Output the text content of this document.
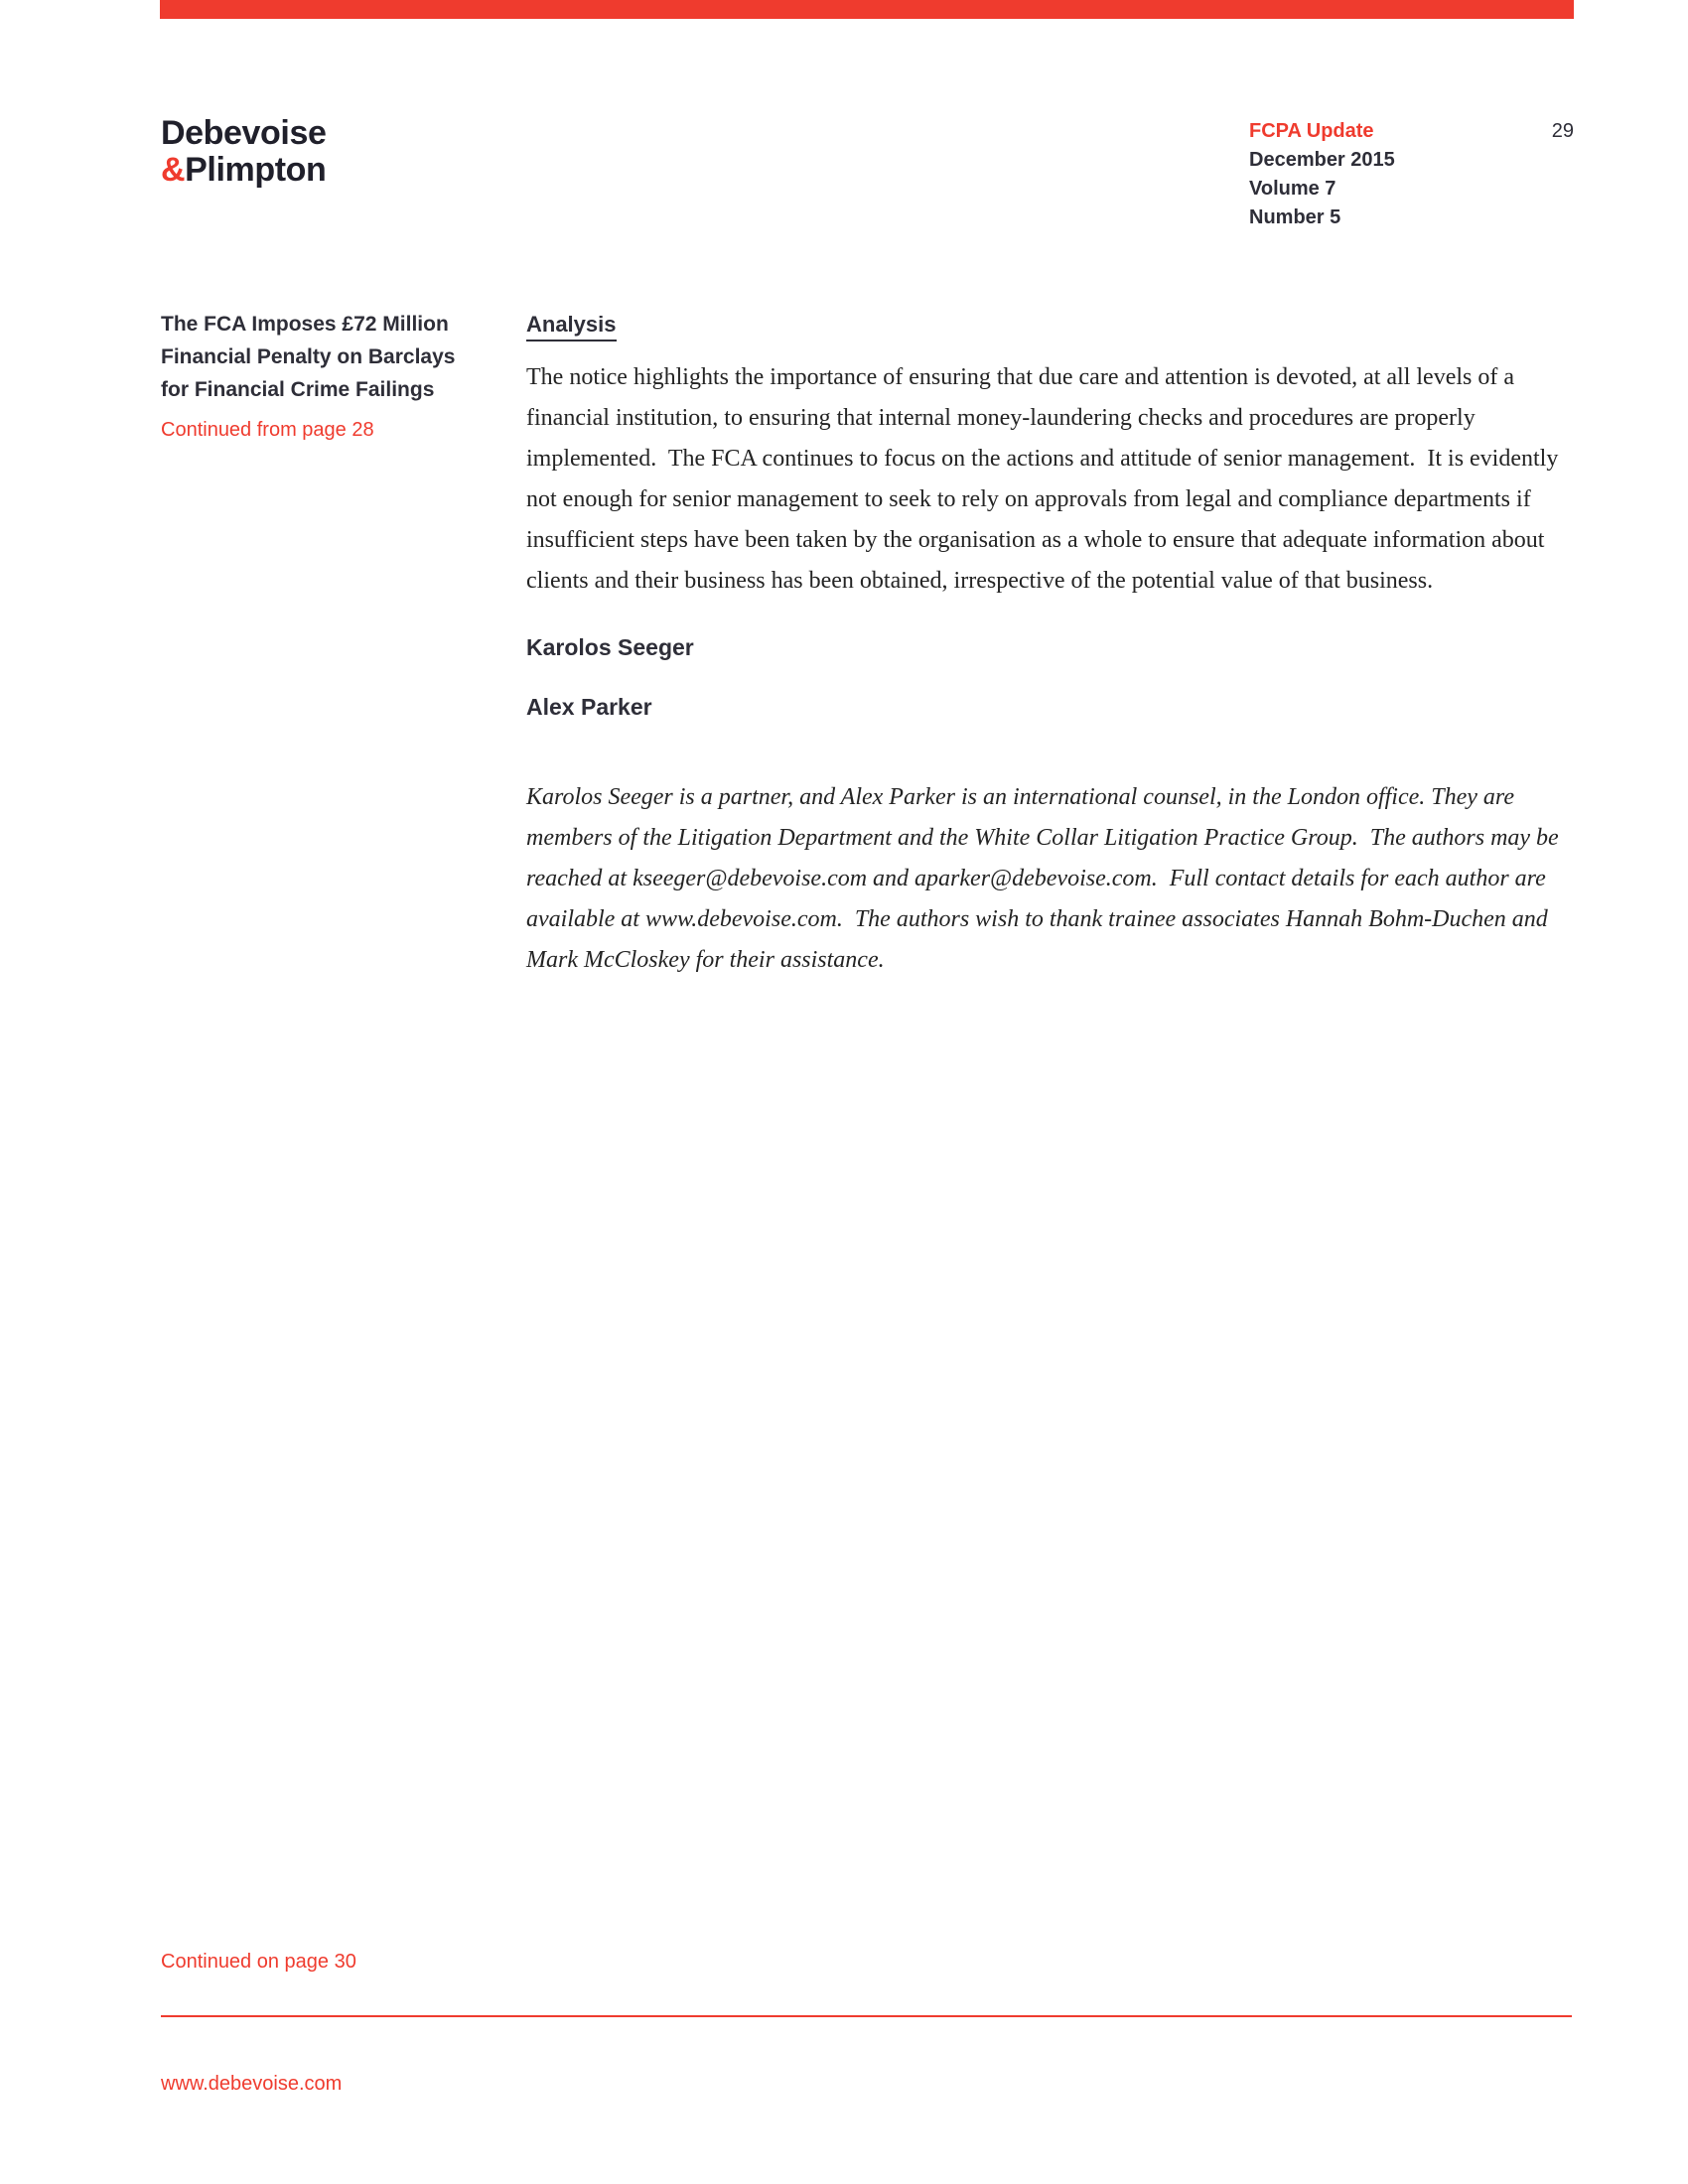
Debevoise
&Plimpton
FCPA Update
December 2015
Volume 7
Number 5
29
The FCA Imposes £72 Million Financial Penalty on Barclays for Financial Crime Failings
Continued from page 28
Analysis

The notice highlights the importance of ensuring that due care and attention is devoted, at all levels of a financial institution, to ensuring that internal money-laundering checks and procedures are properly implemented.  The FCA continues to focus on the actions and attitude of senior management.  It is evidently not enough for senior management to seek to rely on approvals from legal and compliance departments if insufficient steps have been taken by the organisation as a whole to ensure that adequate information about clients and their business has been obtained, irrespective of the potential value of that business.

Karolos Seeger

Alex Parker

Karolos Seeger is a partner, and Alex Parker is an international counsel, in the London office. They are members of the Litigation Department and the White Collar Litigation Practice Group.  The authors may be reached at kseeger@debevoise.com and aparker@debevoise.com.  Full contact details for each author are available at www.debevoise.com.  The authors wish to thank trainee associates Hannah Bohm-Duchen and Mark McCloskey for their assistance.

Continued on page 30
www.debevoise.com
